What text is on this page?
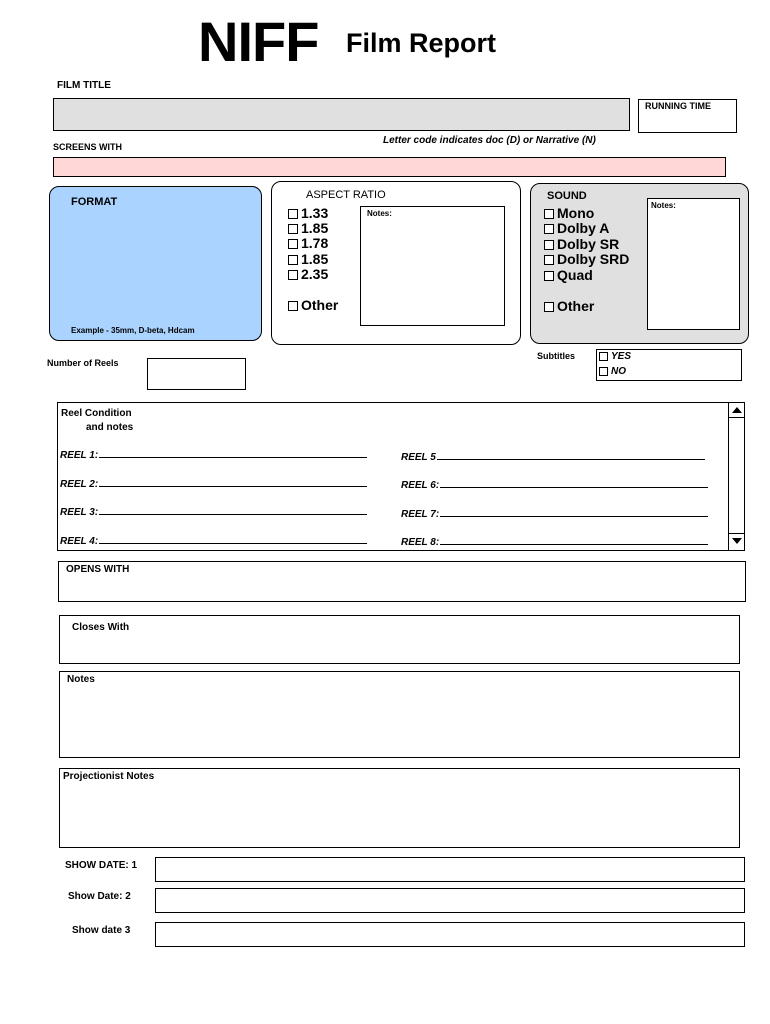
NIFF Film Report
FILM TITLE
RUNNING TIME
Letter code indicates doc (D) or Narrative (N)
SCREENS WITH
FORMAT
Example - 35mm, D-beta, Hdcam
ASPECT RATIO
1.33
1.85
1.78
1.85
2.35
Other
Notes:
SOUND
Mono
Dolby A
Dolby SR
Dolby SRD
Quad
Other
Notes:
Number of Reels
Subtitles	YES
NO
Reel Condition
and notes
REEL 1:
REEL 2:
REEL 3:
REEL 4:
REEL 5
REEL 6:
REEL 7:
REEL 8:
OPENS WITH
Closes With
Notes
Projectionist Notes
SHOW DATE: 1
Show Date: 2
Show date 3
